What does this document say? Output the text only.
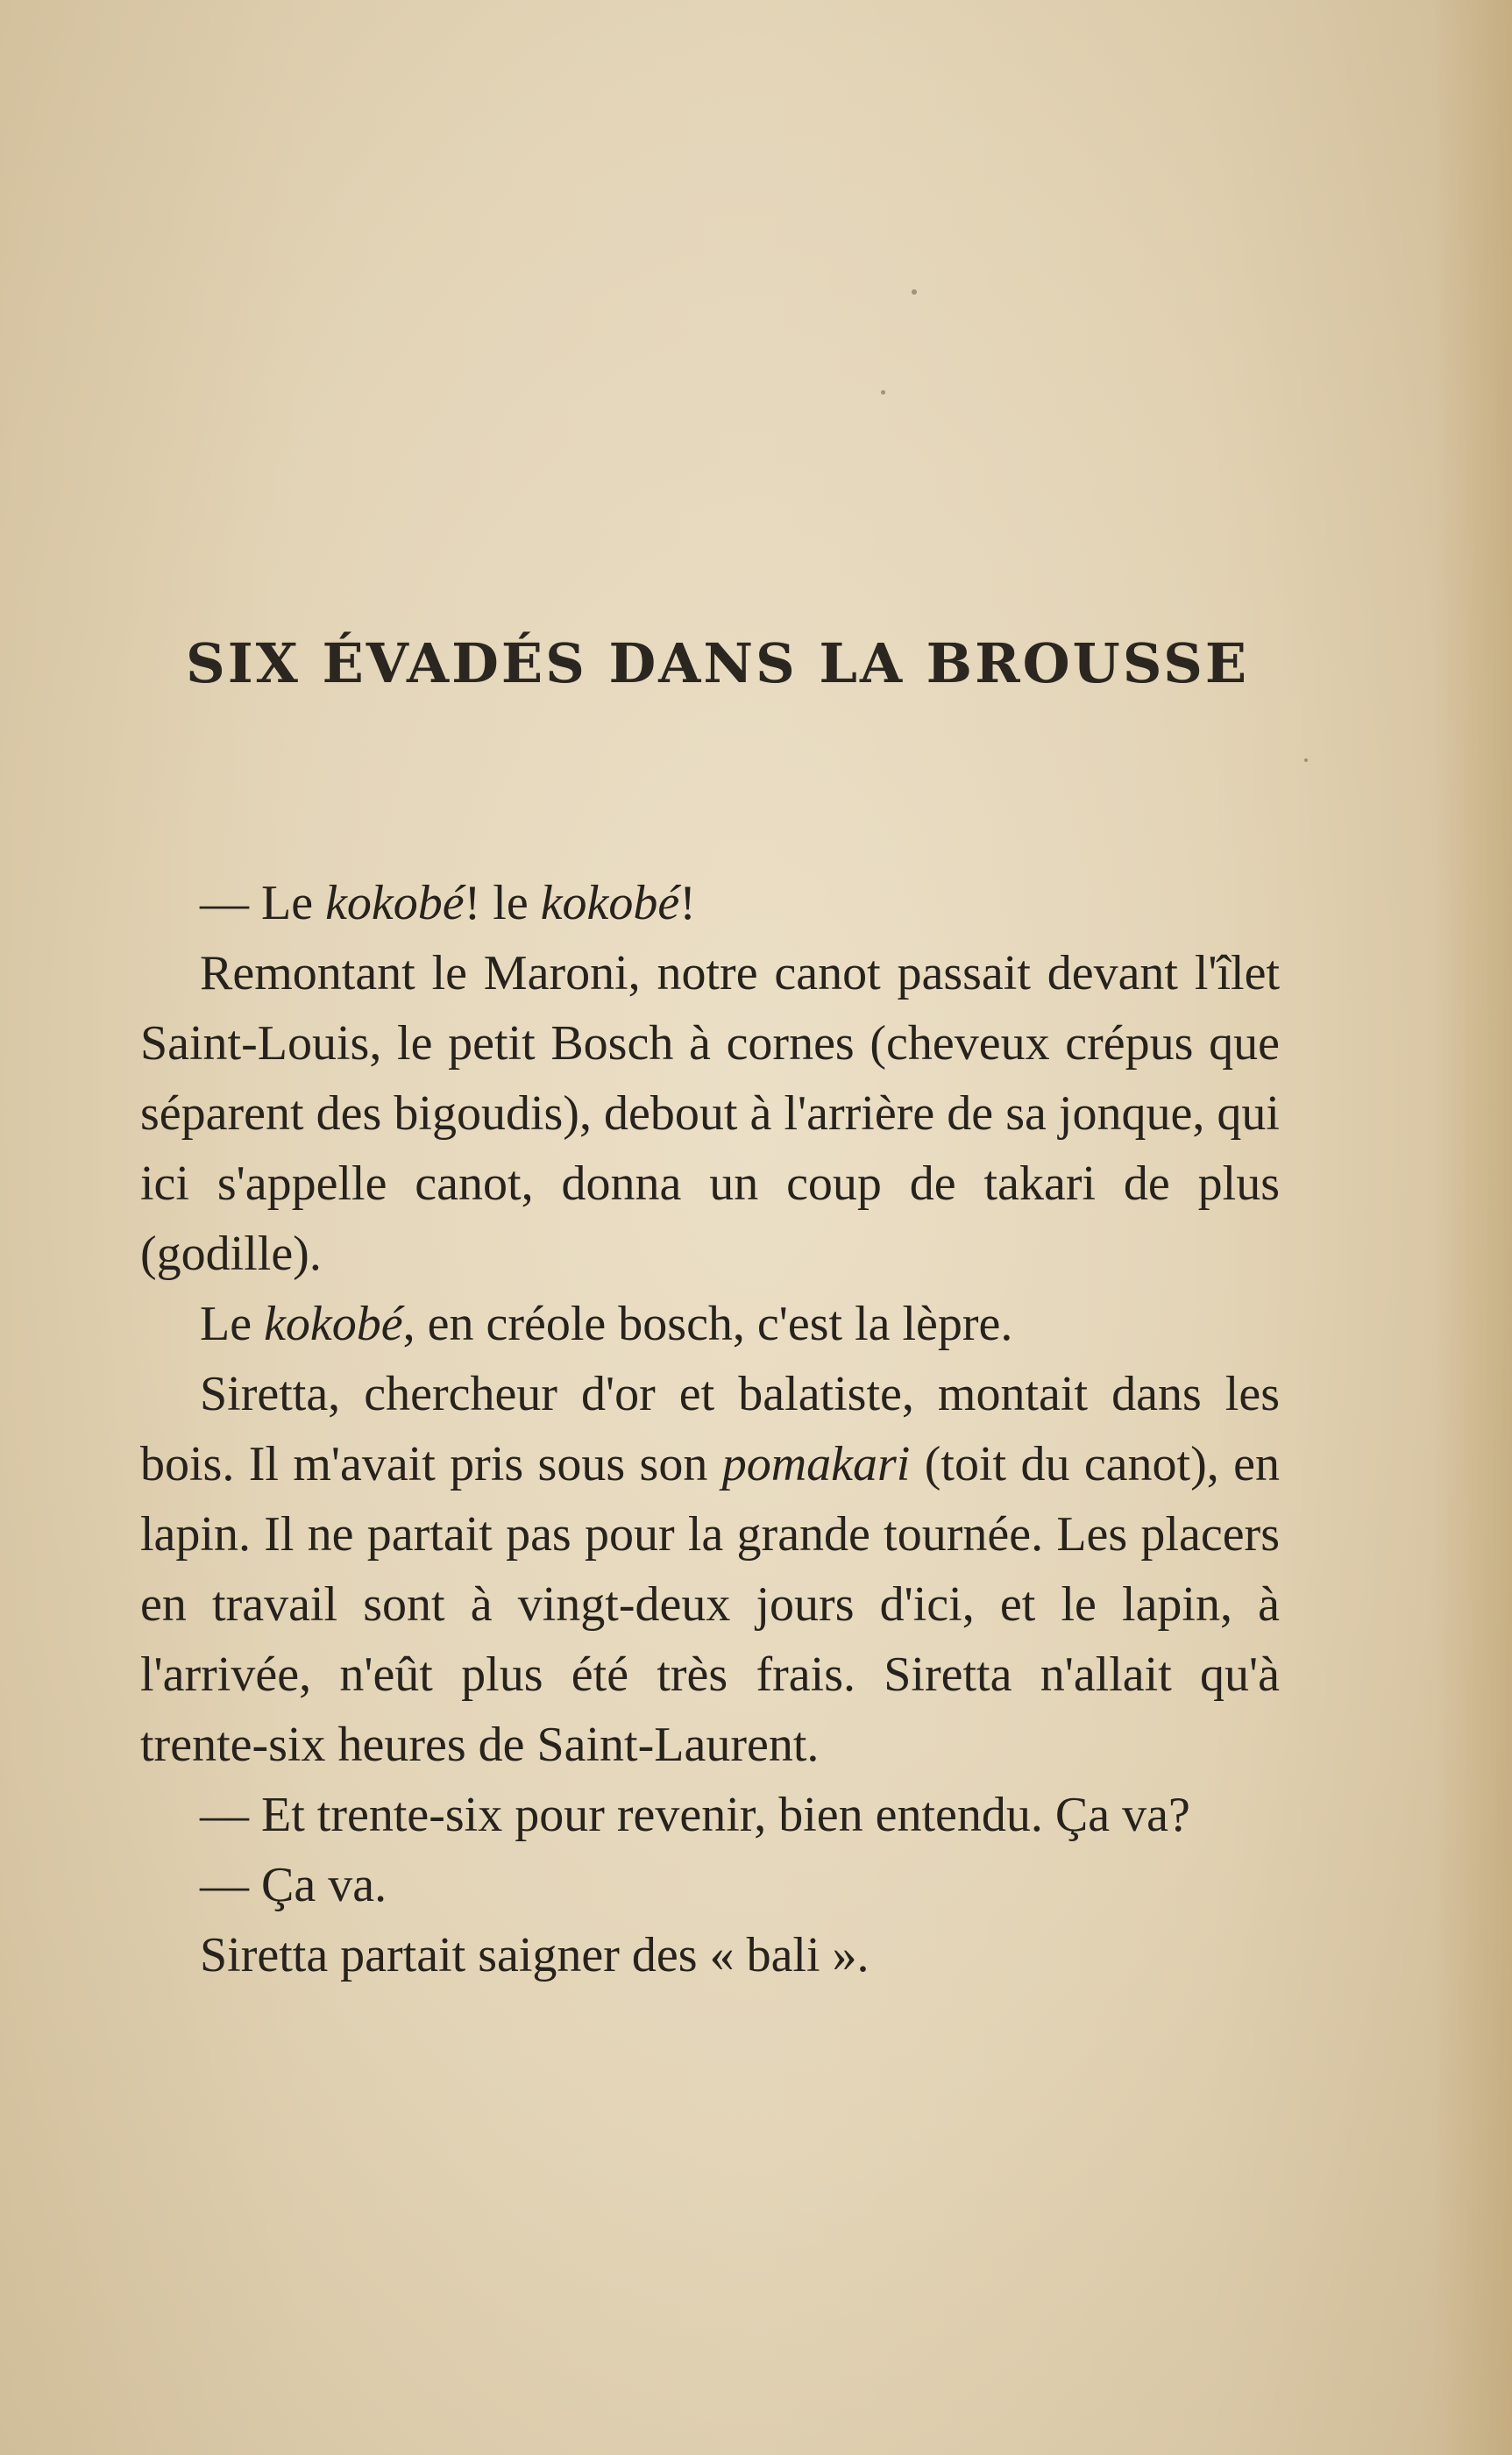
SIX ÉVADÉS DANS LA BROUSSE

— Le kokobé! le kokobé!

Remontant le Maroni, notre canot passait devant l'îlet Saint-Louis, le petit Bosch à cornes (cheveux crépus que séparent des bigoudis), debout à l'arrière de sa jonque, qui ici s'appelle canot, donna un coup de takari de plus (godille).

Le kokobé, en créole bosch, c'est la lèpre.

Siretta, chercheur d'or et balatiste, montait dans les bois. Il m'avait pris sous son pomakari (toit du canot), en lapin. Il ne partait pas pour la grande tournée. Les placers en travail sont à vingt-deux jours d'ici, et le lapin, à l'arrivée, n'eût plus été très frais. Siretta n'allait qu'à trente-six heures de Saint-Laurent.

— Et trente-six pour revenir, bien entendu. Ça va?

— Ça va.

Siretta partait saigner des « bali ».
